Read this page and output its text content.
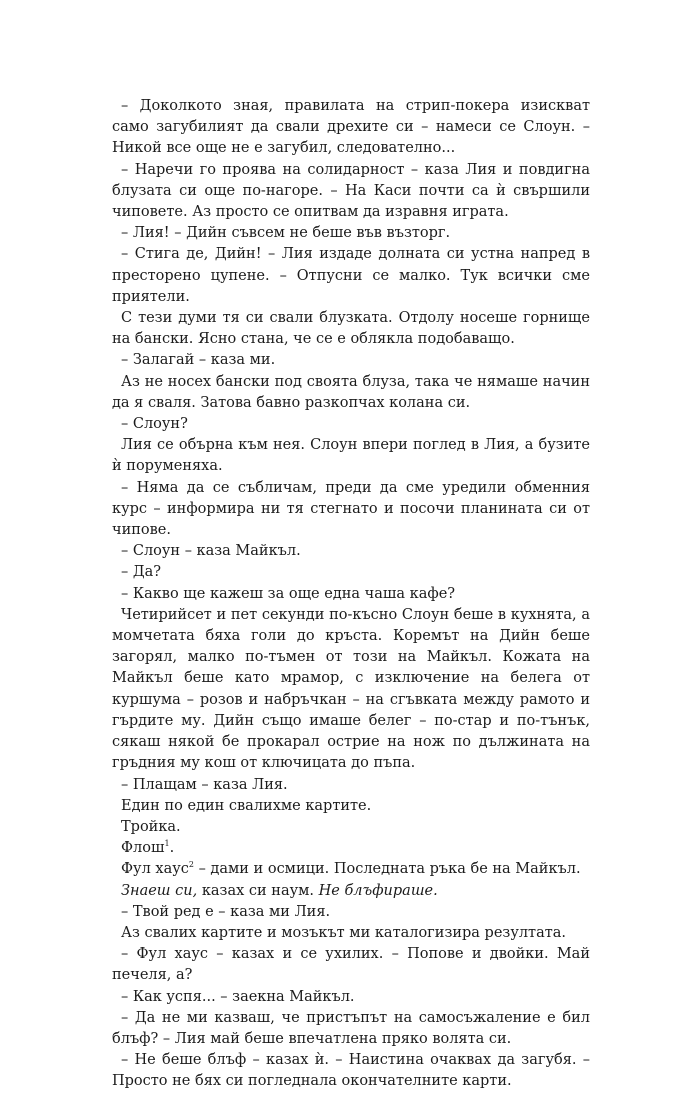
– Доколкото зная, правилата на стрип-покера изискват само загубилият да свали дрехите си – намеси се Слоун. – Никой все още не е загубил, следователно...

– Наречи го проява на солидарност – каза Лия и повдигна блузата си още по-нагоре. – На Каси почти са ѝ свършили чиповете. Аз просто се опитвам да изравня играта.

– Лия! – Дийн съвсем не беше във възторг.

– Стига де, Дийн! – Лия издаде долната си устна напред в престорено цупене. – Отпусни се малко. Тук всички сме приятели.

С тези думи тя си свали блузката. Отдолу носеше горнище на бански. Ясно стана, че се е облякла подобаващо.

– Залагай – каза ми.

Аз не носех бански под своята блуза, така че нямаше начин да я сваля. Затова бавно разкопчах колана си.

– Слоун?

Лия се обърна към нея. Слоун впери поглед в Лия, а бузите ѝ поруменяха.

– Няма да се събличам, преди да сме уредили обменния курс – информира ни тя стегнато и посочи планината си от чипове.

– Слоун – каза Майкъл.

– Да?

– Какво ще кажеш за още една чаша кафе?

Четирийсет и пет секунди по-късно Слоун беше в кухнята, а момчетата бяха голи до кръста. Коремът на Дийн беше загорял, малко по-тъмен от този на Майкъл. Кожата на Майкъл беше като мрамор, с изключение на белега от куршума – розов и набръчкан – на сгъвката между рамото и гърдите му. Дийн също имаше белег – по-стар и по-тънък, сякаш някой бе прокарал острие на нож по дължината на гръдния му кош от ключицата до пъпа.

– Плащам – каза Лия.

Един по един свалихме картите.

Тройка.

Флош$^1$.

Фул хаус$^2$ – дами и осмици. Последната ръка бе на Майкъл.

Знаеш си, казах си наум. Не блъфираше.

– Твой ред е – каза ми Лия.

Аз свалих картите и мозъкът ми каталогизира резултата.

– Фул хаус – казах и се ухилих. – Попове и двойки. Май печеля, а?

– Как успя... – заекна Майкъл.

– Да не ми казваш, че пристъпът на самосъжаление е бил блъф? – Лия май беше впечатлена пряко волята си.

– Не беше блъф – казах ѝ. – Наистина очаквах да загубя. – Просто не бях си погледнала окончателните карти.
